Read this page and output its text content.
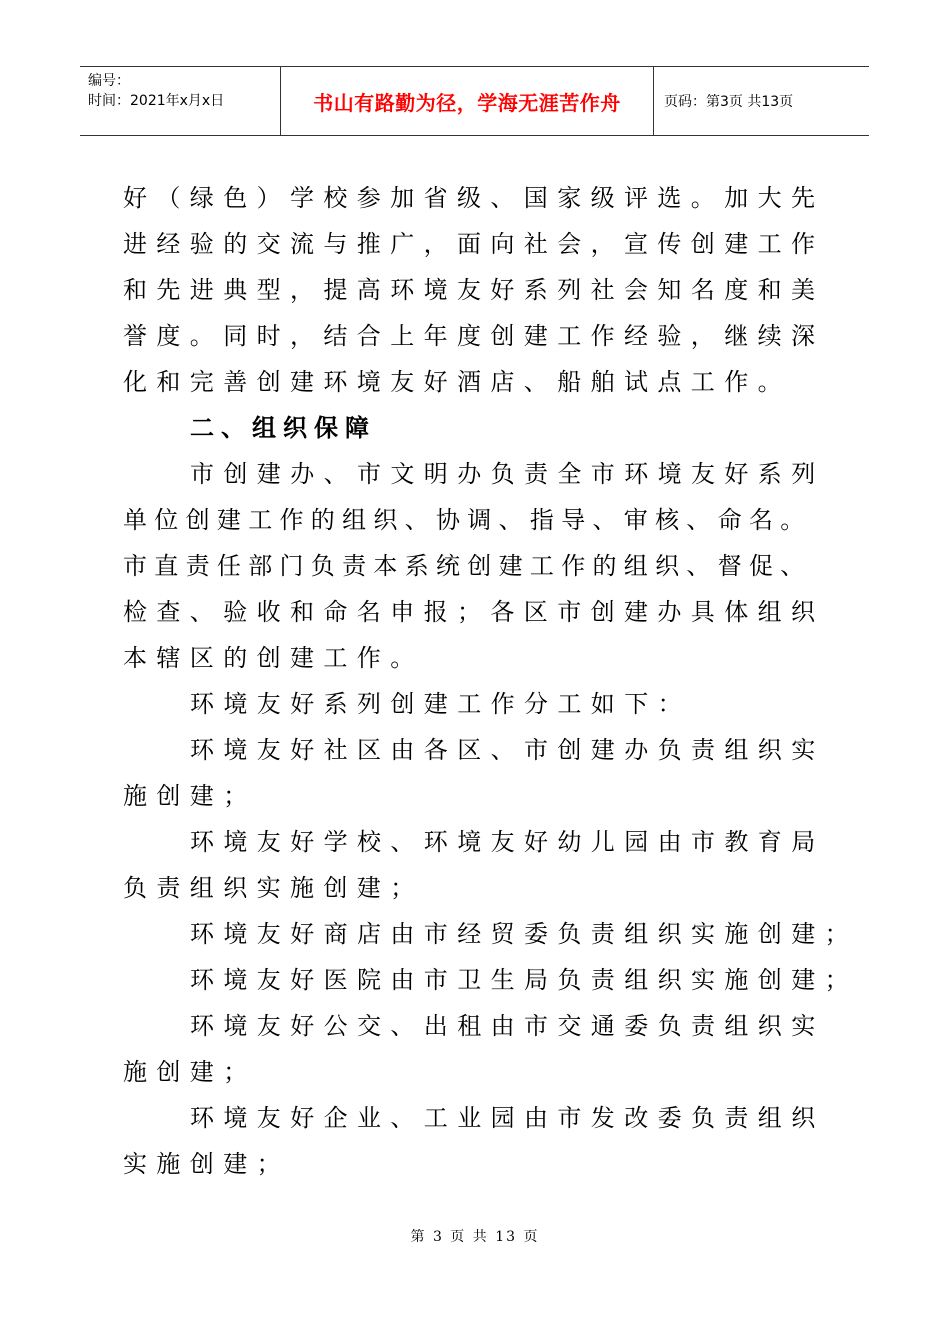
编号：
时间：2021年x月x日	书山有路勤为径，学海无涯苦作舟	页码：第3页 共13页
好（绿色）学校参加省级、国家级评选。加大先
进经验的交流与推广，面向社会，宣传创建工作
和先进典型，提高环境友好系列社会知名度和美
誉度。同时，结合上年度创建工作经验，继续深
化和完善创建环境友好酒店、船舶试点工作。
二、组织保障
市创建办、市文明办负责全市环境友好系列
单位创建工作的组织、协调、指导、审核、命名。
市直责任部门负责本系统创建工作的组织、督促、
检查、验收和命名申报；各区市创建办具体组织
本辖区的创建工作。
环境友好系列创建工作分工如下：
环境友好社区由各区、市创建办负责组织实
施创建；
环境友好学校、环境友好幼儿园由市教育局
负责组织实施创建；
环境友好商店由市经贸委负责组织实施创建；
环境友好医院由市卫生局负责组织实施创建；
环境友好公交、出租由市交通委负责组织实
施创建；
环境友好企业、工业园由市发改委负责组织
实施创建；
第 3 页 共 13 页
